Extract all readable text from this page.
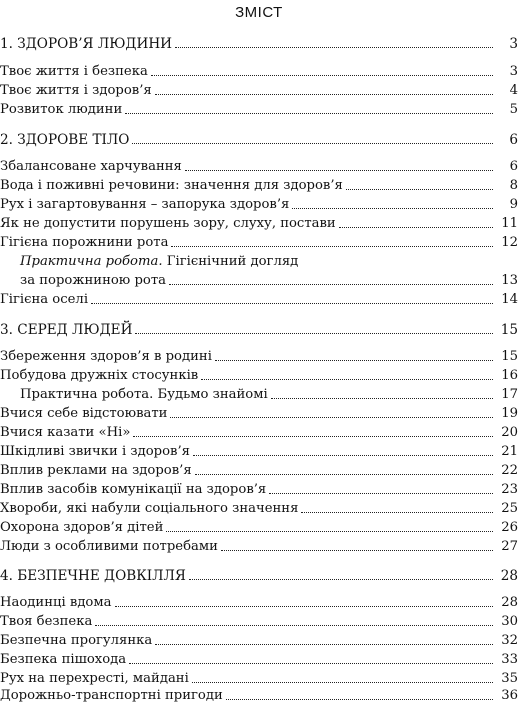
ЗМІСТ
1. ЗДОРОВ’Я ЛЮДИНИ	3
Твоє життя і безпека	3
Твоє життя і здоров’я	4
Розвиток людини	5
2. ЗДОРОВЕ ТІЛО	6
Збалансоване харчування	6
Вода і поживні речовини: значення для здоров’я	8
Рух і загартовування – запорука здоров’я	9
Як не допустити порушень зору, слуху, постави	11
Гігієна порожнини рота	12
Практична робота. Гігієнічний догляд
за порожниною рота	13
Гігієна оселі	14
3. СЕРЕД ЛЮДЕЙ	15
Збереження здоров’я в родині	15
Побудова дружніх стосунків	16
Практична робота. Будьмо знайомі	17
Вчися себе відстоювати	19
Вчися казати «Ні»	20
Шкідливі звички і здоров’я	21
Вплив реклами на здоров’я	22
Вплив засобів комунікації на здоров’я	23
Хвороби, які набули соціального значення	25
Охорона здоров’я дітей	26
Люди з особливими потребами	27
4. БЕЗПЕЧНЕ ДОВКІЛЛЯ	28
Наодинці вдома	28
Твоя безпека	30
Безпечна прогулянка	32
Безпека пішохода	33
Рух на перехресті, майдані	35
Дорожньо-транспортні пригоди	36
